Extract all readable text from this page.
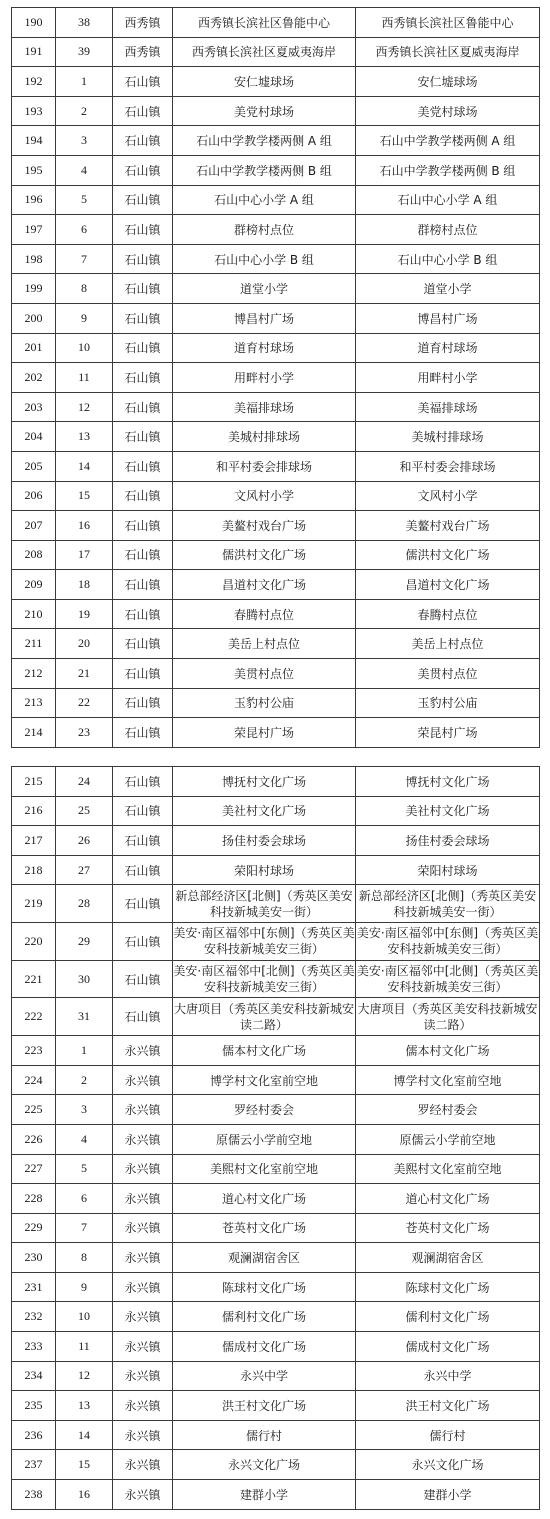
190	38	西秀镇	西秀镇长滨社区鲁能中心	西秀镇长滨社区鲁能中心
191	39	西秀镇	西秀镇长滨社区夏威夷海岸	西秀镇长滨社区夏威夷海岸
192	1	石山镇	安仁墟球场	安仁墟球场
193	2	石山镇	美党村球场	美党村球场
194	3	石山镇	石山中学教学楼两侧 A 组	石山中学教学楼两侧 A 组
195	4	石山镇	石山中学教学楼两侧 B 组	石山中学教学楼两侧 B 组
196	5	石山镇	石山中心小学 A 组	石山中心小学 A 组
197	6	石山镇	群榜村点位	群榜村点位
198	7	石山镇	石山中心小学 B 组	石山中心小学 B 组
199	8	石山镇	道堂小学	道堂小学
200	9	石山镇	博昌村广场	博昌村广场
201	10	石山镇	道育村球场	道育村球场
202	11	石山镇	用畔村小学	用畔村小学
203	12	石山镇	美福排球场	美福排球场
204	13	石山镇	美城村排球场	美城村排球场
205	14	石山镇	和平村委会排球场	和平村委会排球场
206	15	石山镇	文风村小学	文风村小学
207	16	石山镇	美鳌村戏台广场	美鳌村戏台广场
208	17	石山镇	儒洪村文化广场	儒洪村文化广场
209	18	石山镇	昌道村文化广场	昌道村文化广场
210	19	石山镇	春腾村点位	春腾村点位
211	20	石山镇	美岳上村点位	美岳上村点位
212	21	石山镇	美贯村点位	美贯村点位
213	22	石山镇	玉豹村公庙	玉豹村公庙
214	23	石山镇	荣昆村广场	荣昆村广场
215	24	石山镇	博抚村文化广场	博抚村文化广场
216	25	石山镇	美社村文化广场	美社村文化广场
217	26	石山镇	扬佳村委会球场	扬佳村委会球场
218	27	石山镇	荣阳村球场	荣阳村球场
219	28	石山镇	新总部经济区[北侧]（秀英区美安科技新城美安一街）	新总部经济区[北侧]（秀英区美安科技新城美安一街）
220	29	石山镇	美安·南区福邻中[东侧]（秀英区美安科技新城美安三街）	美安·南区福邻中[东侧]（秀英区美安科技新城美安三街）
221	30	石山镇	美安·南区福邻中[北侧]（秀英区美安科技新城美安三街）	美安·南区福邻中[北侧]（秀英区美安科技新城美安三街）
222	31	石山镇	大唐项目（秀英区美安科技新城安读二路）	大唐项目（秀英区美安科技新城安读二路）
223	1	永兴镇	儒本村文化广场	儒本村文化广场
224	2	永兴镇	博学村文化室前空地	博学村文化室前空地
225	3	永兴镇	罗经村委会	罗经村委会
226	4	永兴镇	原儒云小学前空地	原儒云小学前空地
227	5	永兴镇	美熙村文化室前空地	美熙村文化室前空地
228	6	永兴镇	道心村文化广场	道心村文化广场
229	7	永兴镇	苍英村文化广场	苍英村文化广场
230	8	永兴镇	观澜湖宿舍区	观澜湖宿舍区
231	9	永兴镇	陈球村文化广场	陈球村文化广场
232	10	永兴镇	儒利村文化广场	儒利村文化广场
233	11	永兴镇	儒成村文化广场	儒成村文化广场
234	12	永兴镇	永兴中学	永兴中学
235	13	永兴镇	洪王村文化广场	洪王村文化广场
236	14	永兴镇	儒行村	儒行村
237	15	永兴镇	永兴文化广场	永兴文化广场
238	16	永兴镇	建群小学	建群小学
